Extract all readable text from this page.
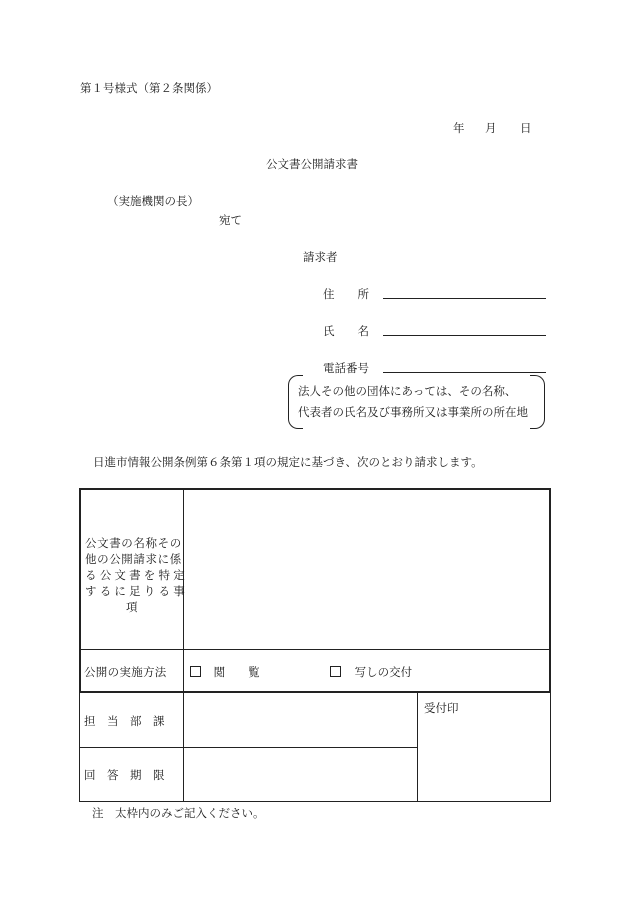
第１号様式（第２条関係）
年 月 日
公文書公開請求書
（実施機関の長）
宛て
請求者
住　　所
氏　　名
電話番号
法人その他の団体にあっては、その名称、
代表者の氏名及び事務所又は事業所の所在地
日進市情報公開条例第６条第１項の規定に基づき、次のとおり請求します。
公文書の名称その
他の公開請求に係
る公文書を特定
するに足りる事
項
公開の実施方法	閲　　覧	写しの交付
担　当　部　課
回　答　期　限
受付印
注　太枠内のみご記入ください。
